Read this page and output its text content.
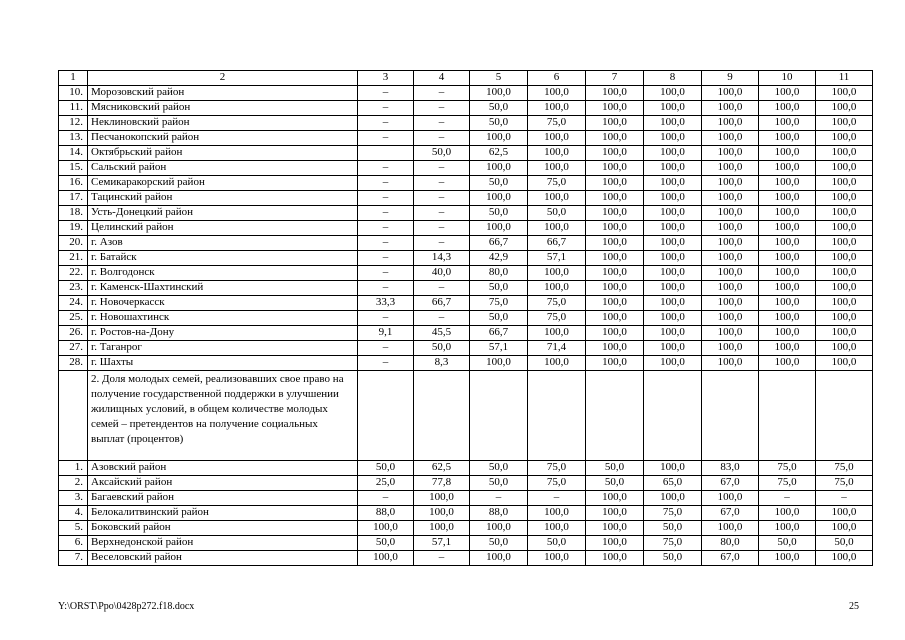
1	2	3	4	5	6	7	8	9	10	11
10.	Морозовский район	–	–	100,0	100,0	100,0	100,0	100,0	100,0	100,0
11.	Мясниковский район	–	–	50,0	100,0	100,0	100,0	100,0	100,0	100,0
12.	Неклиновский район	–	–	50,0	75,0	100,0	100,0	100,0	100,0	100,0
13.	Песчанокопский район	–	–	100,0	100,0	100,0	100,0	100,0	100,0	100,0
14.	Октябрьский район		50,0	62,5	100,0	100,0	100,0	100,0	100,0	100,0
15.	Сальский район	–	–	100,0	100,0	100,0	100,0	100,0	100,0	100,0
16.	Семикаракорский район	–	–	50,0	75,0	100,0	100,0	100,0	100,0	100,0
17.	Тацинский район	–	–	100,0	100,0	100,0	100,0	100,0	100,0	100,0
18.	Усть-Донецкий район	–	–	50,0	50,0	100,0	100,0	100,0	100,0	100,0
19.	Целинский район	–	–	100,0	100,0	100,0	100,0	100,0	100,0	100,0
20.	г. Азов	–	–	66,7	66,7	100,0	100,0	100,0	100,0	100,0
21.	г. Батайск	–	14,3	42,9	57,1	100,0	100,0	100,0	100,0	100,0
22.	г. Волгодонск	–	40,0	80,0	100,0	100,0	100,0	100,0	100,0	100,0
23.	г. Каменск-Шахтинский	–	–	50,0	100,0	100,0	100,0	100,0	100,0	100,0
24.	г. Новочеркасск	33,3	66,7	75,0	75,0	100,0	100,0	100,0	100,0	100,0
25.	г. Новошахтинск	–	–	50,0	75,0	100,0	100,0	100,0	100,0	100,0
26.	г. Ростов-на-Дону	9,1	45,5	66,7	100,0	100,0	100,0	100,0	100,0	100,0
27.	г. Таганрог	–	50,0	57,1	71,4	100,0	100,0	100,0	100,0	100,0
28.	г. Шахты	–	8,3	100,0	100,0	100,0	100,0	100,0	100,0	100,0
	2. Доля молодых семей, реализовавших свое право на получение государственной поддержки в улучшении жилищных условий, в общем количестве молодых семей – претендентов на получение социальных выплат (процентов)									
1.	Азовский район	50,0	62,5	50,0	75,0	50,0	100,0	83,0	75,0	75,0
2.	Аксайский район	25,0	77,8	50,0	75,0	50,0	65,0	67,0	75,0	75,0
3.	Багаевский район	–	100,0	–	–	100,0	100,0	100,0	–	–
4.	Белокалитвинский район	88,0	100,0	88,0	100,0	100,0	75,0	67,0	100,0	100,0
5.	Боковский район	100,0	100,0	100,0	100,0	100,0	50,0	100,0	100,0	100,0
6.	Верхнедонской район	50,0	57,1	50,0	50,0	100,0	75,0	80,0	50,0	50,0
7.	Веселовский район	100,0	–	100,0	100,0	100,0	50,0	67,0	100,0	100,0
Y:\ORST\Ppo\0428p272.f18.docx	25
